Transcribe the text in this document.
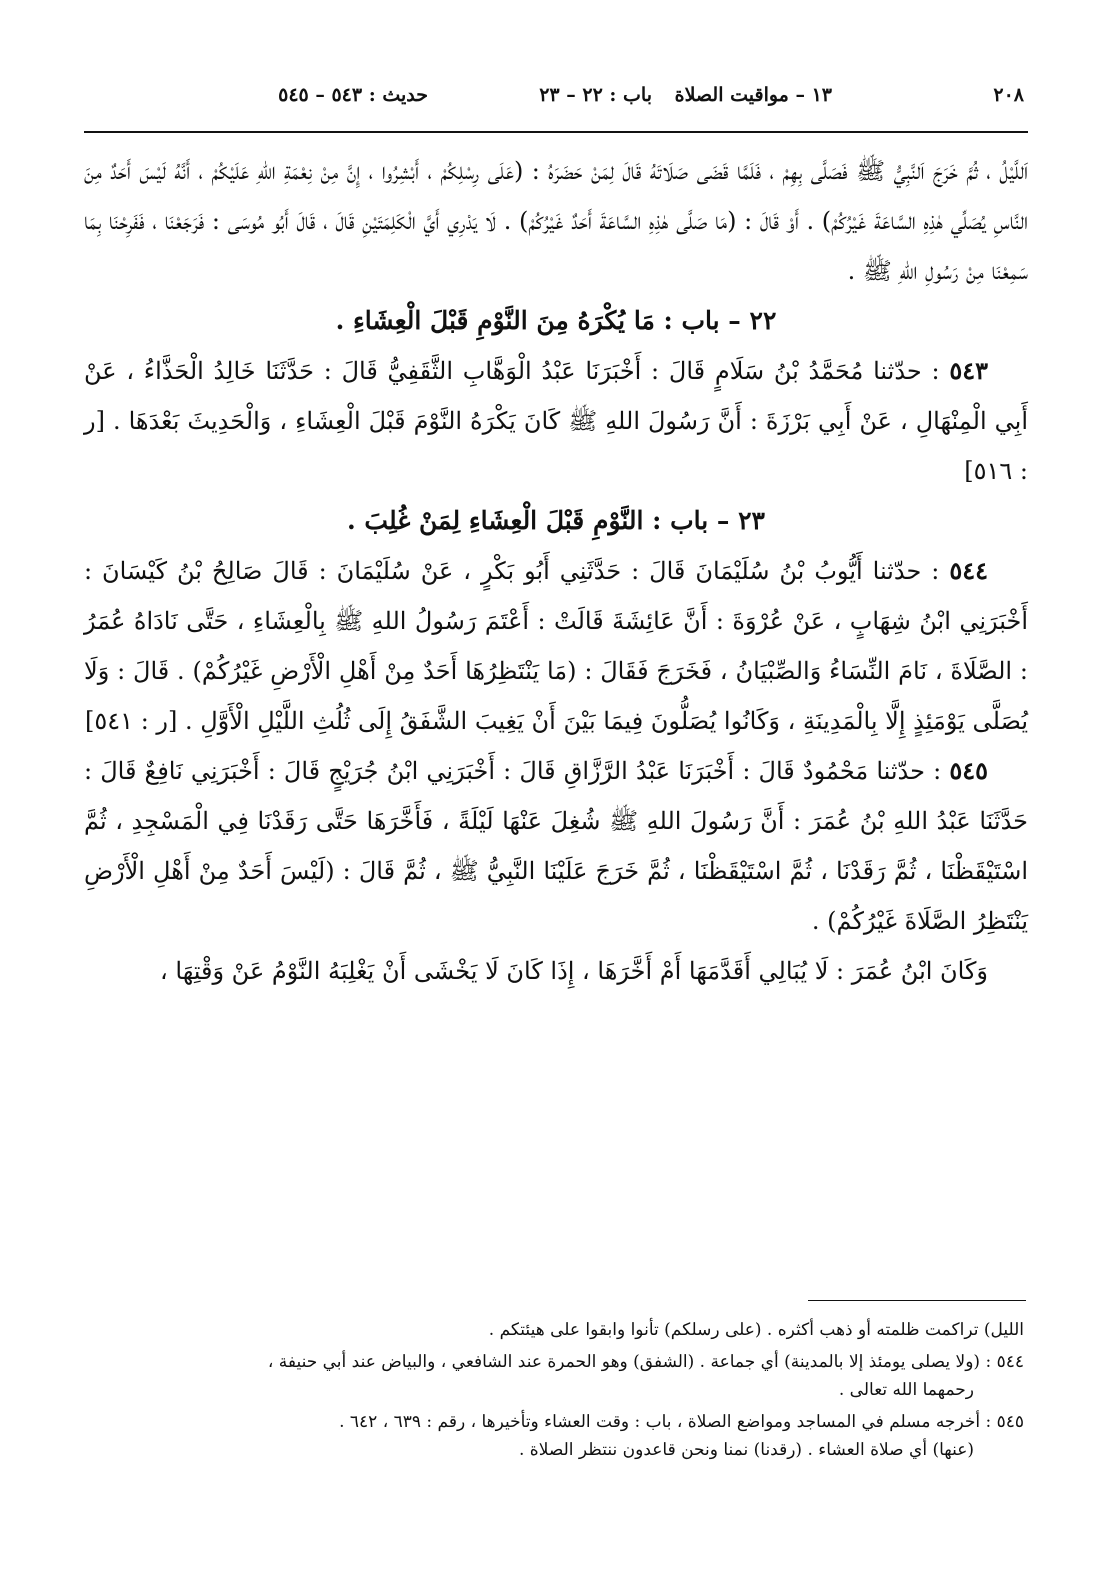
٢٠٨
١٣ – مواقيت الصلاة
باب : ٢٢ – ٢٣
حديث : ٥٤٣ – ٥٤٥

اَللَّيْلُ ، ثُمَّ خَرَجَ اَلنَّبِيُّ ﷺ فَصَلَّى بِهِمْ ، فَلَمَّا قَضَى صَلَاتَهُ قَالَ لِمَنْ حَضَرَهُ : (عَلَى رِسْلِكُمْ ، أَبْشِرُوا ، إِنَّ مِنْ نِعْمَةِ اللهِ عَلَيْكُمْ ، أَنَّهُ لَيْسَ أَحَدٌ مِنَ النَّاسِ يُصَلِّي هٰذِهِ السَّاعَةَ غَيْرُكُمْ) . أَوْ قَالَ : (مَا صَلَّى هٰذِهِ السَّاعَةَ أَحَدٌ غَيْرُكُمْ) . لَا يَدْرِي أَيَّ الْكَلِمَتَيْنِ قَالَ ، قَالَ أَبُو مُوسَى : فَرَجَعْنَا ، فَفَرِحْنَا بِمَا سَمِعْنَا مِنْ رَسُولِ اللهِ ﷺ .

٢٢ – باب : مَا يُكْرَهُ مِنَ النَّوْمِ قَبْلَ الْعِشَاءِ .

٥٤٣ : حدّثنا مُحَمَّدُ بْنُ سَلَامٍ قَالَ : أَخْبَرَنَا عَبْدُ الْوَهَّابِ الثَّقَفِيُّ قَالَ : حَدَّثَنَا خَالِدُ الْحَذَّاءُ ، عَنْ أَبِي الْمِنْهَالِ ، عَنْ أَبِي بَرْزَةَ : أَنَّ رَسُولَ اللهِ ﷺ كَانَ يَكْرَهُ النَّوْمَ قَبْلَ الْعِشَاءِ ، وَالْحَدِيثَ بَعْدَهَا . [ر : ٥١٦]

٢٣ – باب : النَّوْمِ قَبْلَ الْعِشَاءِ لِمَنْ غُلِبَ .

٥٤٤ : حدّثنا أَيُّوبُ بْنُ سُلَيْمَانَ قَالَ : حَدَّثَنِي أَبُو بَكْرٍ ، عَنْ سُلَيْمَانَ : قَالَ صَالِحُ بْنُ كَيْسَانَ : أَخْبَرَنِي ابْنُ شِهَابٍ ، عَنْ عُرْوَةَ : أَنَّ عَائِشَةَ قَالَتْ : أَعْتَمَ رَسُولُ اللهِ ﷺ بِالْعِشَاءِ ، حَتَّى نَادَاهُ عُمَرُ : الصَّلَاةَ ، نَامَ النِّسَاءُ وَالصِّبْيَانُ ، فَخَرَجَ فَقَالَ : (مَا يَنْتَظِرُهَا أَحَدٌ مِنْ أَهْلِ الْأَرْضِ غَيْرُكُمْ) . قَالَ : وَلَا يُصَلَّى يَوْمَئِذٍ إِلَّا بِالْمَدِينَةِ ، وَكَانُوا يُصَلُّونَ فِيمَا بَيْنَ أَنْ يَغِيبَ الشَّفَقُ إِلَى ثُلُثِ اللَّيْلِ الْأَوَّلِ . [ر : ٥٤١]

٥٤٥ : حدّثنا مَحْمُودٌ قَالَ : أَخْبَرَنَا عَبْدُ الرَّزَّاقِ قَالَ : أَخْبَرَنِي ابْنُ جُرَيْجٍ قَالَ : أَخْبَرَنِي نَافِعٌ قَالَ : حَدَّثَنَا عَبْدُ اللهِ بْنُ عُمَرَ : أَنَّ رَسُولَ اللهِ ﷺ شُغِلَ عَنْهَا لَيْلَةً ، فَأَخَّرَهَا حَتَّى رَقَدْنَا فِي الْمَسْجِدِ ، ثُمَّ اسْتَيْقَظْنَا ، ثُمَّ رَقَدْنَا ، ثُمَّ اسْتَيْقَظْنَا ، ثُمَّ خَرَجَ عَلَيْنَا النَّبِيُّ ﷺ ، ثُمَّ قَالَ : (لَيْسَ أَحَدٌ مِنْ أَهْلِ الْأَرْضِ يَنْتَظِرُ الصَّلَاةَ غَيْرُكُمْ) .

وَكَانَ ابْنُ عُمَرَ : لَا يُبَالِي أَقَدَّمَهَا أَمْ أَخَّرَهَا ، إِذَا كَانَ لَا يَخْشَى أَنْ يَغْلِبَهُ النَّوْمُ عَنْ وَقْتِهَا ،

الليل) تراكمت ظلمته أو ذهب أكثره . (على رسلكم) تأنوا وابقوا على هيئتكم .

٥٤٤ : (ولا يصلى يومئذ إلا بالمدينة) أي جماعة . (الشفق) وهو الحمرة عند الشافعي ، والبياض عند أبي حنيفة ،

رحمهما الله تعالى .

٥٤٥ : أخرجه مسلم في المساجد ومواضع الصلاة ، باب : وقت العشاء وتأخيرها ، رقم : ٦٣٩ ، ٦٤٢ .

(عنها) أي صلاة العشاء . (رقدنا) نمنا ونحن قاعدون ننتظر الصلاة .
